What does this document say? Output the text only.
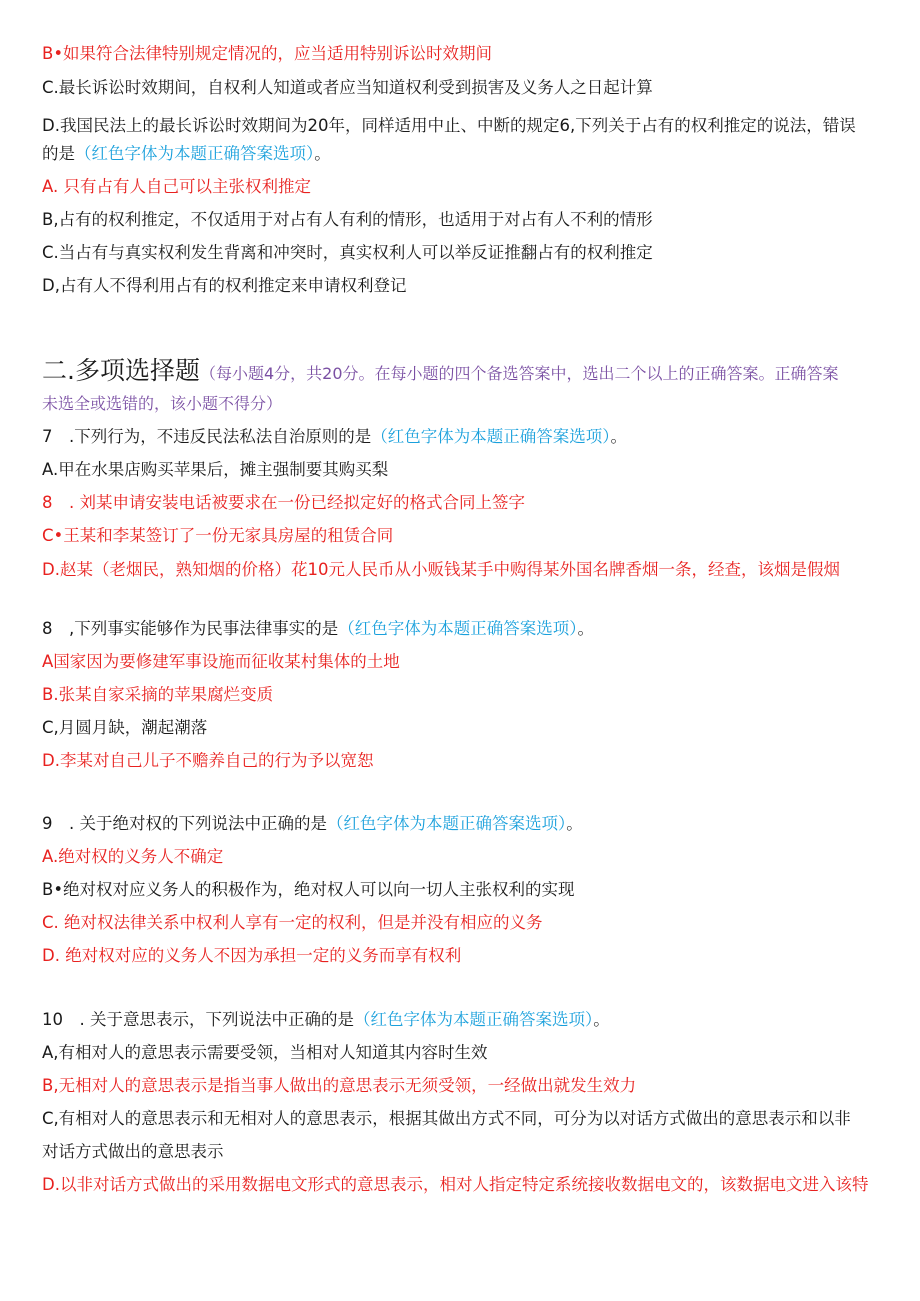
B•如果符合法律特别规定情况的，应当适用特别诉讼时效期间
C.最长诉讼时效期间，自权利人知道或者应当知道权利受到损害及义务人之日起计算
D.我国民法上的最长诉讼时效期间为20年，同样适用中止、中断的规定6,下列关于占有的权利推定的说法，错误
的是（红色字体为本题正确答案选项）。
A. 只有占有人自己可以主张权利推定
B,占有的权利推定，不仅适用于对占有人有利的情形，也适用于对占有人不利的情形
C.当占有与真实权利发生背离和冲突时，真实权利人可以举反证推翻占有的权利推定
D,占有人不得利用占有的权利推定来申请权利登记
二.多项选择题（每小题4分，共20分。在每小题的四个备选答案中，选出二个以上的正确答案。正确答案
未选全或选错的，该小题不得分）
7　.下列行为，不违反民法私法自治原则的是（红色字体为本题正确答案选项）。
A.甲在水果店购买苹果后，摊主强制要其购买梨
8　. 刘某申请安装电话被要求在一份已经拟定好的格式合同上签字
C•王某和李某签订了一份无家具房屋的租赁合同
D.赵某（老烟民，熟知烟的价格）花10元人民币从小贩钱某手中购得某外国名牌香烟一条，经查，该烟是假烟
8　,下列事实能够作为民事法律事实的是（红色字体为本题正确答案选项）。
A国家因为要修建军事设施而征收某村集体的土地
B.张某自家采摘的苹果腐烂变质
C,月圆月缺，潮起潮落
D.李某对自己儿子不赡养自己的行为予以宽恕
9　. 关于绝对权的下列说法中正确的是（红色字体为本题正确答案选项）。
A.绝对权的义务人不确定
B•绝对权对应义务人的积极作为，绝对权人可以向一切人主张权利的实现
C. 绝对权法律关系中权利人享有一定的权利，但是并没有相应的义务
D. 绝对权对应的义务人不因为承担一定的义务而享有权利
10　. 关于意思表示，下列说法中正确的是（红色字体为本题正确答案选项）。
A,有相对人的意思表示需要受领，当相对人知道其内容时生效
B,无相对人的意思表示是指当事人做出的意思表示无须受领，一经做出就发生效力
C,有相对人的意思表示和无相对人的意思表示，根据其做出方式不同，可分为以对话方式做出的意思表示和以非
对话方式做出的意思表示
D.以非对话方式做出的采用数据电文形式的意思表示，相对人指定特定系统接收数据电文的，该数据电文进入该特
